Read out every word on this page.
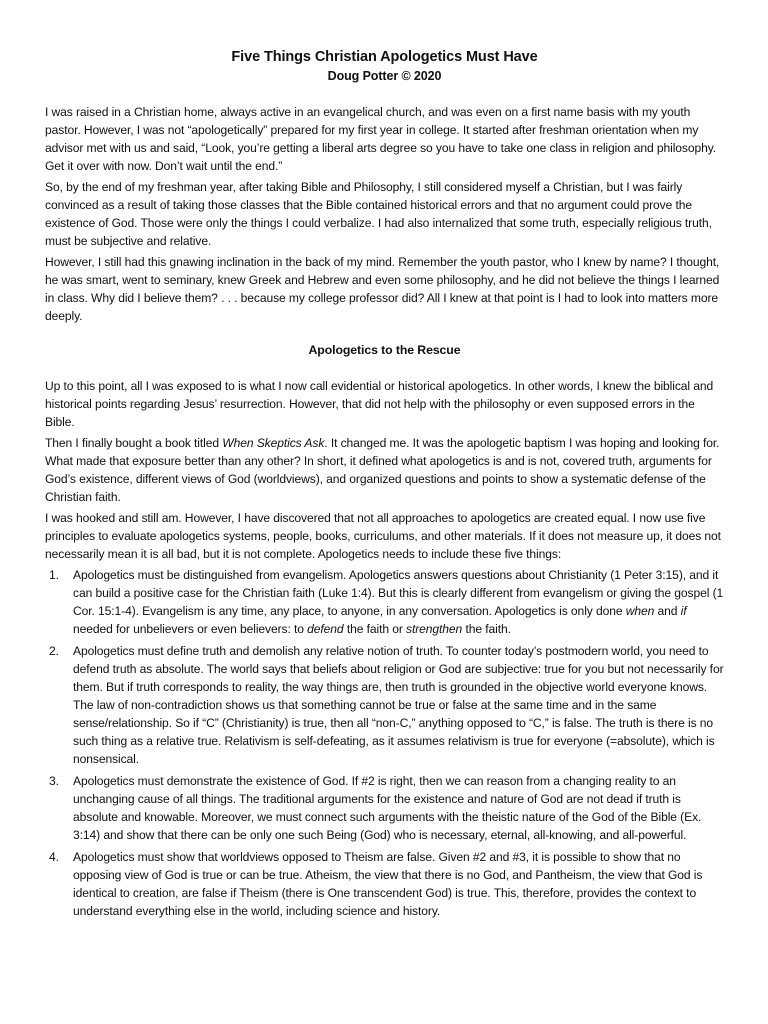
Five Things Christian Apologetics Must Have
Doug Potter © 2020

I was raised in a Christian home, always active in an evangelical church, and was even on a first name basis with my youth pastor. However, I was not “apologetically” prepared for my first year in college. It started after freshman orientation when my advisor met with us and said, “Look, you’re getting a liberal arts degree so you have to take one class in religion and philosophy. Get it over with now. Don’t wait until the end.”

So, by the end of my freshman year, after taking Bible and Philosophy, I still considered myself a Christian, but I was fairly convinced as a result of taking those classes that the Bible contained historical errors and that no argument could prove the existence of God. Those were only the things I could verbalize. I had also internalized that some truth, especially religious truth, must be subjective and relative.

However, I still had this gnawing inclination in the back of my mind. Remember the youth pastor, who I knew by name? I thought, he was smart, went to seminary, knew Greek and Hebrew and even some philosophy, and he did not believe the things I learned in class. Why did I believe them? . . . because my college professor did? All I knew at that point is I had to look into matters more deeply.

Apologetics to the Rescue

Up to this point, all I was exposed to is what I now call evidential or historical apologetics. In other words, I knew the biblical and historical points regarding Jesus’ resurrection. However, that did not help with the philosophy or even supposed errors in the Bible.

Then I finally bought a book titled When Skeptics Ask. It changed me. It was the apologetic baptism I was hoping and looking for. What made that exposure better than any other? In short, it defined what apologetics is and is not, covered truth, arguments for God’s existence, different views of God (worldviews), and organized questions and points to show a systematic defense of the Christian faith.

I was hooked and still am. However, I have discovered that not all approaches to apologetics are created equal. I now use five principles to evaluate apologetics systems, people, books, curriculums, and other materials. If it does not measure up, it does not necessarily mean it is all bad, but it is not complete. Apologetics needs to include these five things:

1. Apologetics must be distinguished from evangelism. Apologetics answers questions about Christianity (1 Peter 3:15), and it can build a positive case for the Christian faith (Luke 1:4). But this is clearly different from evangelism or giving the gospel (1 Cor. 15:1-4). Evangelism is any time, any place, to anyone, in any conversation. Apologetics is only done when and if needed for unbelievers or even believers: to defend the faith or strengthen the faith.
2. Apologetics must define truth and demolish any relative notion of truth. To counter today’s postmodern world, you need to defend truth as absolute. The world says that beliefs about religion or God are subjective: true for you but not necessarily for them. But if truth corresponds to reality, the way things are, then truth is grounded in the objective world everyone knows. The law of non-contradiction shows us that something cannot be true or false at the same time and in the same sense/relationship. So if “C” (Christianity) is true, then all “non-C,” anything opposed to “C,” is false. The truth is there is no such thing as a relative true. Relativism is self-defeating, as it assumes relativism is true for everyone (=absolute), which is nonsensical.
3. Apologetics must demonstrate the existence of God. If #2 is right, then we can reason from a changing reality to an unchanging cause of all things. The traditional arguments for the existence and nature of God are not dead if truth is absolute and knowable. Moreover, we must connect such arguments with the theistic nature of the God of the Bible (Ex. 3:14) and show that there can be only one such Being (God) who is necessary, eternal, all-knowing, and all-powerful.
4. Apologetics must show that worldviews opposed to Theism are false. Given #2 and #3, it is possible to show that no opposing view of God is true or can be true. Atheism, the view that there is no God, and Pantheism, the view that God is identical to creation, are false if Theism (there is One transcendent God) is true. This, therefore, provides the context to understand everything else in the world, including science and history.
